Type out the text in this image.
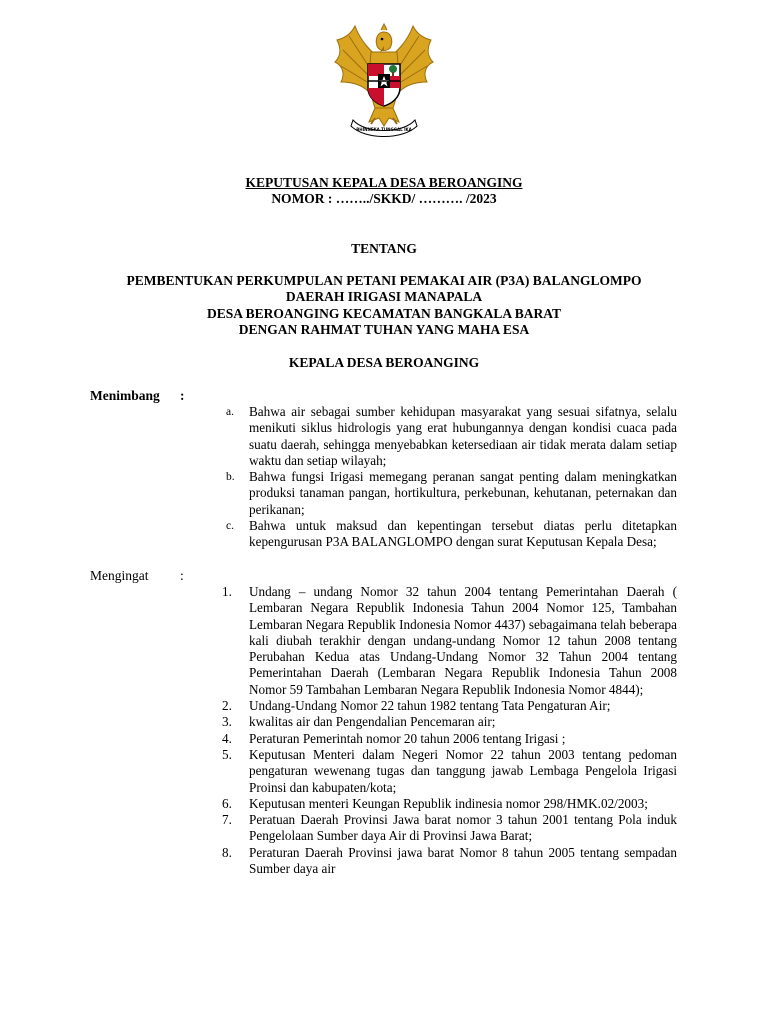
BHINNEKA TUNGGAL IKA
KEPUTUSAN KEPALA DESA BEROANGING
NOMOR : ……../SKKD/ ………. /2023
TENTANG
PEMBENTUKAN PERKUMPULAN PETANI PEMAKAI AIR (P3A) BALANGLOMPO
DAERAH IRIGASI MANAPALA
DESA BEROANGING KECAMATAN BANGKALA BARAT
DENGAN RAHMAT TUHAN YANG MAHA ESA
KEPALA DESA BEROANGING
Menimbang :
a.	Bahwa air sebagai sumber kehidupan masyarakat yang sesuai sifatnya, selalu menikuti siklus hidrologis yang erat hubungannya dengan kondisi cuaca pada suatu daerah, sehingga menyebabkan ketersediaan air tidak merata dalam setiap waktu dan setiap wilayah;
b.	Bahwa fungsi Irigasi memegang peranan sangat penting dalam meningkatkan produksi tanaman pangan, hortikultura, perkebunan, kehutanan, peternakan dan perikanan;
c.	Bahwa untuk maksud dan kepentingan tersebut diatas perlu ditetapkan kepengurusan P3A BALANGLOMPO dengan surat Keputusan Kepala Desa;
Mengingat :
1.	Undang – undang Nomor 32 tahun 2004 tentang Pemerintahan Daerah ( Lembaran Negara Republik Indonesia Tahun 2004 Nomor 125, Tambahan Lembaran Negara Republik Indonesia Nomor 4437) sebagaimana telah beberapa kali diubah terakhir dengan undang-undang Nomor 12 tahun 2008 tentang Perubahan Kedua atas Undang-Undang Nomor 32 Tahun 2004 tentang Pemerintahan Daerah (Lembaran Negara Republik Indonesia Tahun 2008 Nomor 59 Tambahan Lembaran Negara Republik Indonesia Nomor 4844);
2.	Undang-Undang Nomor 22 tahun 1982 tentang Tata Pengaturan Air;
3.	kwalitas air dan Pengendalian Pencemaran air;
4.	Peraturan Pemerintah nomor 20 tahun 2006 tentang Irigasi ;
5.	Keputusan Menteri dalam Negeri Nomor 22 tahun 2003 tentang pedoman pengaturan wewenang tugas dan tanggung jawab Lembaga Pengelola Irigasi Proinsi dan kabupaten/kota;
6.	Keputusan menteri Keungan Republik indinesia nomor 298/HMK.02/2003;
7.	Peratuan Daerah Provinsi Jawa barat nomor 3 tahun 2001 tentang Pola induk Pengelolaan Sumber daya Air di Provinsi Jawa Barat;
8.	Peraturan Daerah Provinsi jawa barat Nomor 8 tahun 2005 tentang sempadan Sumber daya air
